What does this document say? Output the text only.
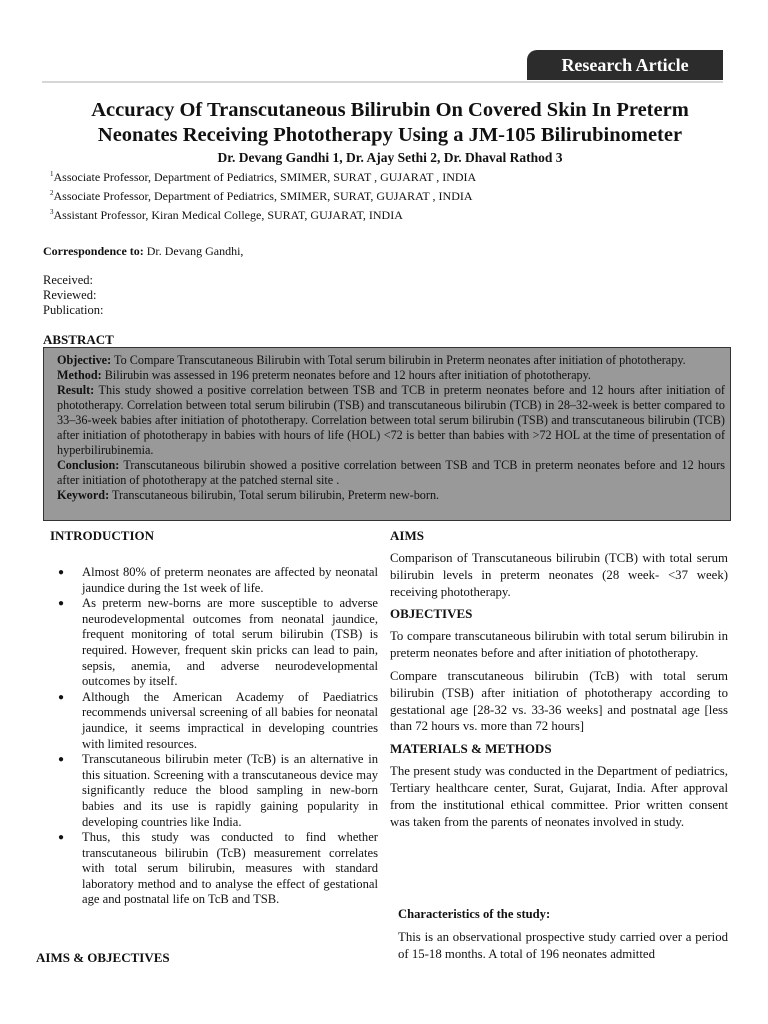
Research Article
Accuracy Of Transcutaneous Bilirubin On Covered Skin In Preterm
Neonates Receiving Phototherapy Using a JM-105 Bilirubinometer

Dr. Devang Gandhi 1, Dr. Ajay Sethi 2, Dr. Dhaval Rathod 3

$^1$Associate Professor, Department of Pediatrics, SMIMER, SURAT , GUJARAT , INDIA

$^2$Associate Professor, Department of Pediatrics, SMIMER, SURAT, GUJARAT , INDIA

$^3$Assistant Professor, Kiran Medical College, SURAT, GUJARAT, INDIA

Correspondence to: Dr. Devang Gandhi,

Received:

Reviewed:

Publication:

ABSTRACT

Objective: To Compare Transcutaneous Bilirubin with Total serum bilirubin in Preterm neonates after initiation of phototherapy.

Method: Bilirubin was assessed in 196 preterm neonates before and 12 hours after initiation of phototherapy.

Result: This study showed a positive correlation between TSB and TCB in preterm neonates before and 12 hours after initiation of phototherapy. Correlation between total serum bilirubin (TSB) and transcutaneous bilirubin (TCB) in 28–32-week is better compared to 33–36-week babies after initiation of phototherapy. Correlation between total serum bilirubin (TSB) and transcutaneous bilirubin (TCB) after initiation of phototherapy in babies with hours of life (HOL) <72 is better than babies with >72 HOL at the time of presentation of hyperbilirubinemia.

Conclusion: Transcutaneous bilirubin showed a positive correlation between TSB and TCB in preterm neonates before and 12 hours after initiation of phototherapy at the patched sternal site .

Keyword: Transcutaneous bilirubin, Total serum bilirubin, Preterm new-born.

INTRODUCTION

● Almost 80% of preterm neonates are affected by neonatal jaundice during the 1st week of life.
● As preterm new-borns are more susceptible to adverse neurodevelopmental outcomes from neonatal jaundice, frequent monitoring of total serum bilirubin (TSB) is required. However, frequent skin pricks can lead to pain, sepsis, anemia, and adverse neurodevelopmental outcomes by itself.
● Although the American Academy of Paediatrics recommends universal screening of all babies for neonatal jaundice, it seems impractical in developing countries with limited resources.
● Transcutaneous bilirubin meter (TcB) is an alternative in this situation. Screening with a transcutaneous device may significantly reduce the blood sampling in new-born babies and its use is rapidly gaining popularity in developing countries like India.
● Thus, this study was conducted to find whether transcutaneous bilirubin (TcB) measurement correlates with total serum bilirubin, measures with standard laboratory method and to analyse the effect of gestational age and postnatal life on TcB and TSB.

AIMS & OBJECTIVES

AIMS

Comparison of Transcutaneous bilirubin (TCB) with total serum bilirubin levels in preterm neonates (28 week- <37 week) receiving phototherapy.

OBJECTIVES

To compare transcutaneous bilirubin with total serum bilirubin in preterm neonates before and after initiation of phototherapy.

Compare transcutaneous bilirubin (TcB) with total serum bilirubin (TSB) after initiation of phototherapy according to gestational age [28-32 vs. 33-36 weeks] and postnatal age [less than 72 hours vs. more than 72 hours]

MATERIALS & METHODS

The present study was conducted in the Department of pediatrics, Tertiary healthcare center, Surat, Gujarat, India. After approval from the institutional ethical committee. Prior written consent was taken from the parents of neonates involved in study.

Characteristics of the study:

This is an observational prospective study carried over a period of 15-18 months. A total of 196 neonates admitted
